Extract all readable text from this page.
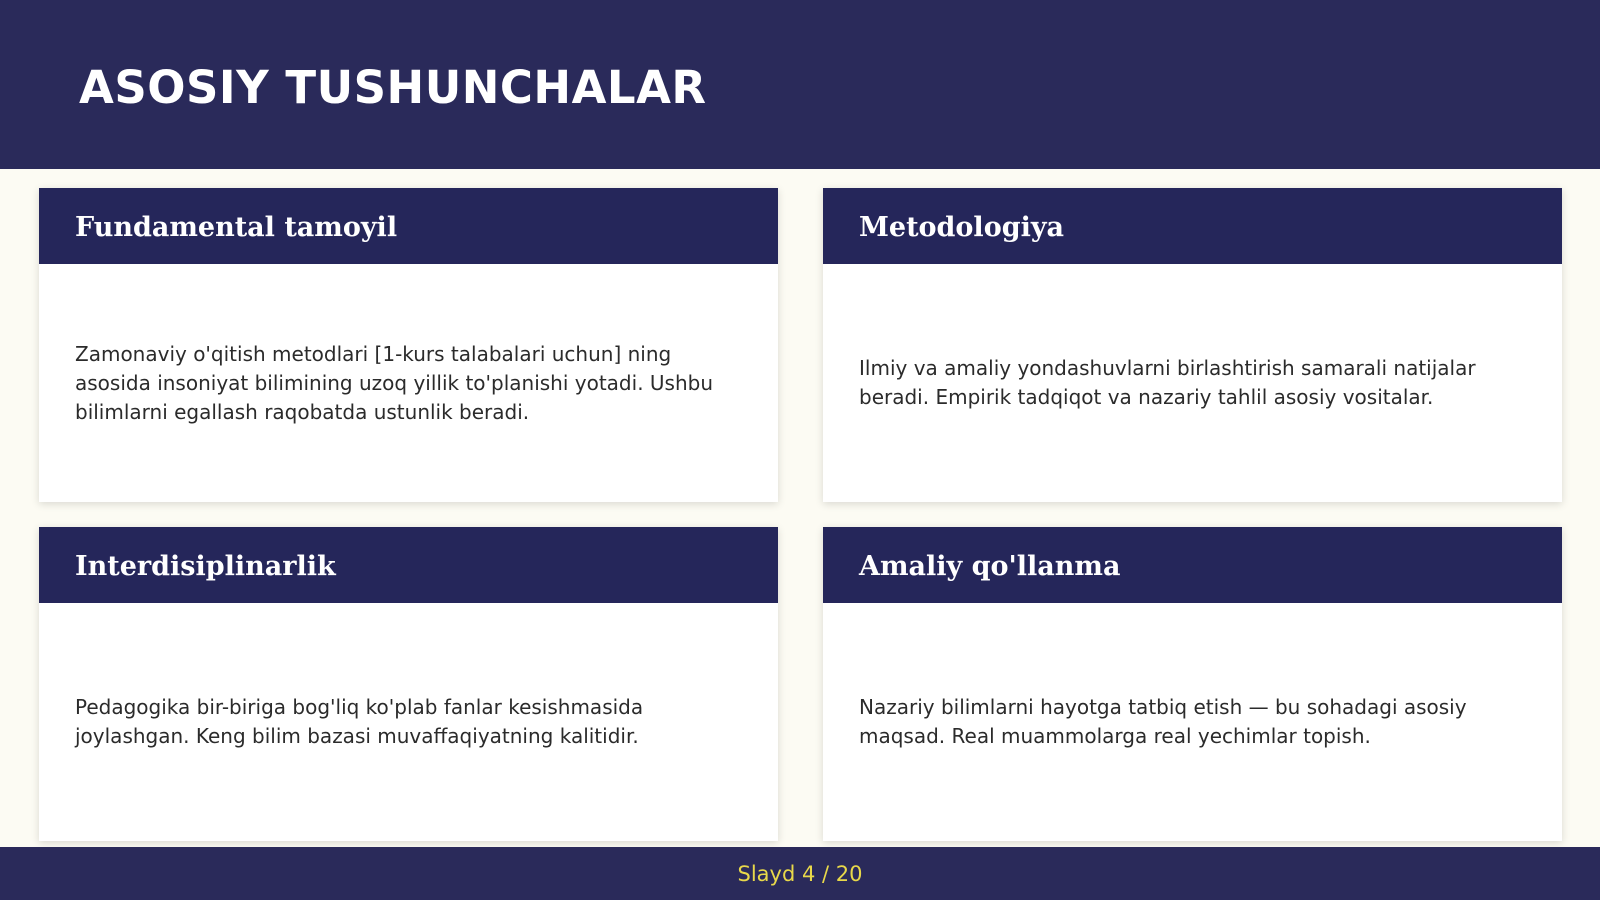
ASOSIY TUSHUNCHALAR
Fundamental tamoyil

Zamonaviy o'qitish metodlari [1-kurs talabalari uchun] ning asosida insoniyat bilimining uzoq yillik to'planishi yotadi. Ushbu bilimlarni egallash raqobatda ustunlik beradi.

Metodologiya

Ilmiy va amaliy yondashuvlarni birlashtirish samarali natijalar beradi. Empirik tadqiqot va nazariy tahlil asosiy vositalar.

Interdisiplinarlik

Pedagogika bir-biriga bog'liq ko'plab fanlar kesishmasida joylashgan. Keng bilim bazasi muvaffaqiyatning kalitidir.

Amaliy qo'llanma

Nazariy bilimlarni hayotga tatbiq etish — bu sohadagi asosiy maqsad. Real muammolarga real yechimlar topish.

Slayd 4 / 20
